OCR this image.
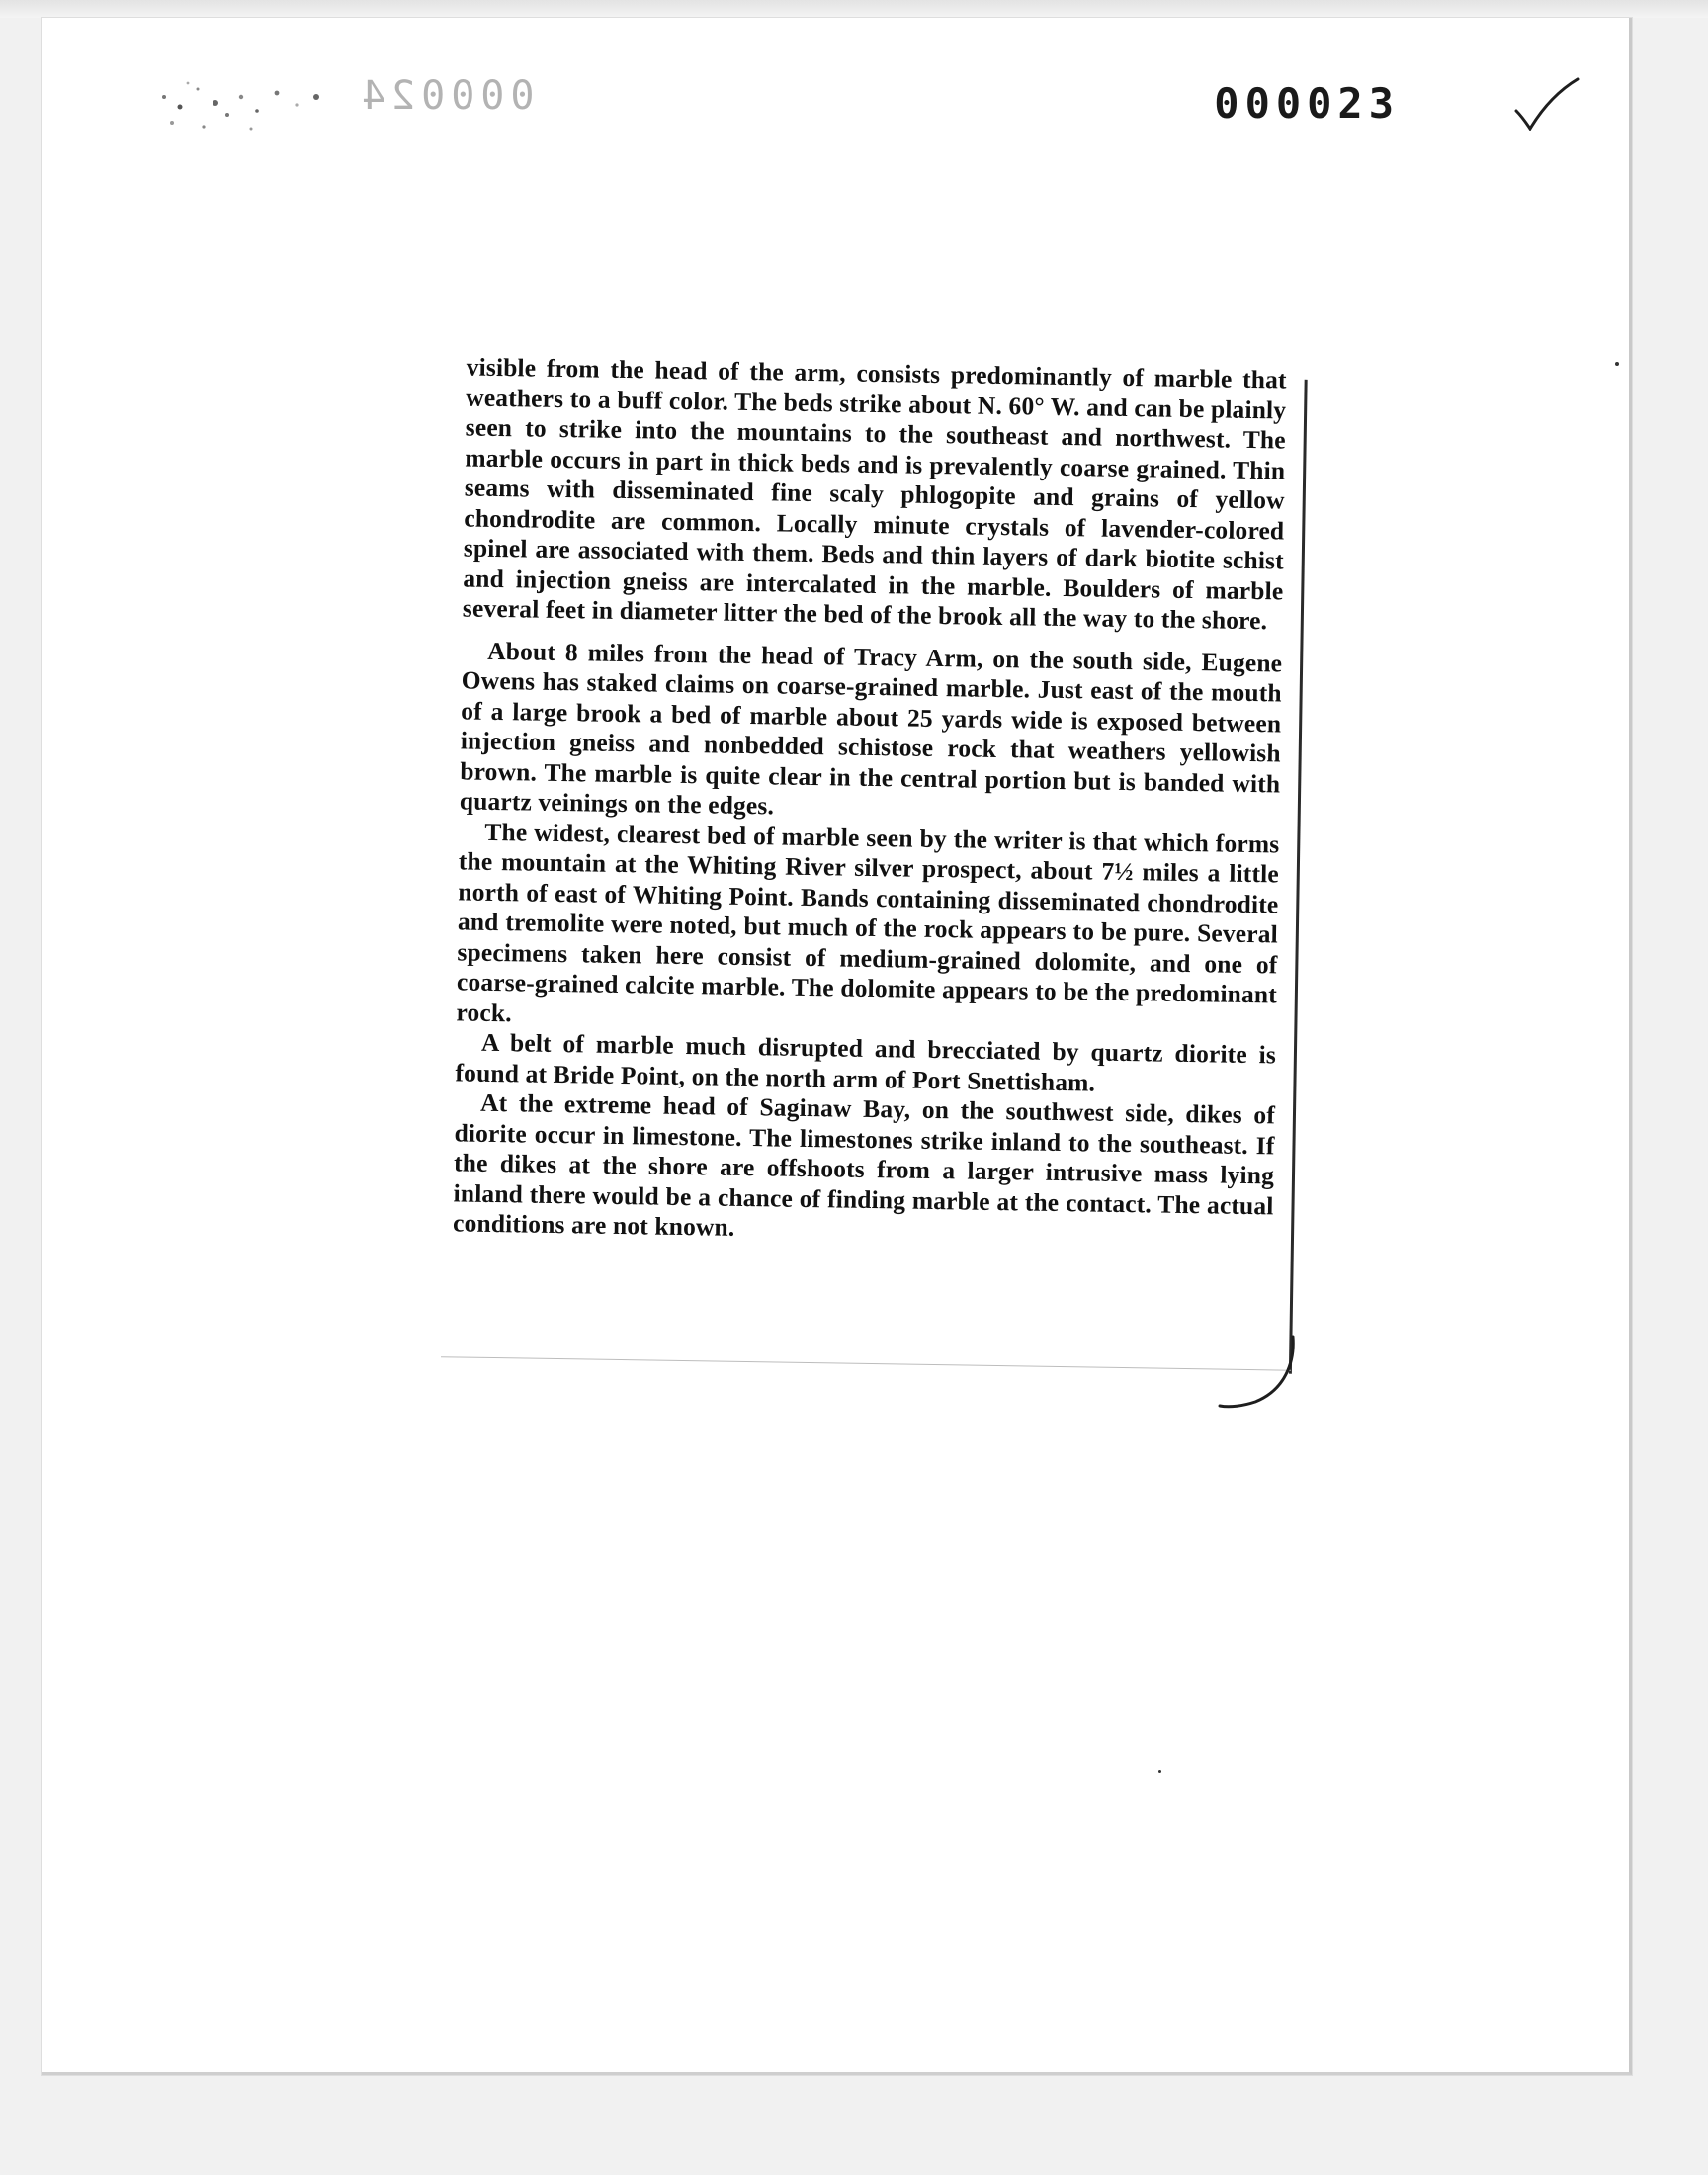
000024	000023

visible from the head of the arm, consists predominantly of marble that weathers to a buff color. The beds strike about N. 60° W. and can be plainly seen to strike into the mountains to the southeast and northwest. The marble occurs in part in thick beds and is prevalently coarse grained. Thin seams with disseminated fine scaly phlogopite and grains of yellow chondrodite are common. Locally minute crystals of lavender-colored spinel are associated with them. Beds and thin layers of dark biotite schist and injection gneiss are intercalated in the marble. Boulders of marble several feet in diameter litter the bed of the brook all the way to the shore.

About 8 miles from the head of Tracy Arm, on the south side, Eugene Owens has staked claims on coarse-grained marble. Just east of the mouth of a large brook a bed of marble about 25 yards wide is exposed between injection gneiss and nonbedded schistose rock that weathers yellowish brown. The marble is quite clear in the central portion but is banded with quartz veinings on the edges.

The widest, clearest bed of marble seen by the writer is that which forms the mountain at the Whiting River silver prospect, about 7½ miles a little north of east of Whiting Point. Bands containing disseminated chondrodite and tremolite were noted, but much of the rock appears to be pure. Several specimens taken here consist of medium-grained dolomite, and one of coarse-grained calcite marble. The dolomite appears to be the predominant rock.

A belt of marble much disrupted and brecciated by quartz diorite is found at Bride Point, on the north arm of Port Snettisham.

At the extreme head of Saginaw Bay, on the southwest side, dikes of diorite occur in limestone. The limestones strike inland to the southeast. If the dikes at the shore are offshoots from a larger intrusive mass lying inland there would be a chance of finding marble at the contact. The actual conditions are not known.
